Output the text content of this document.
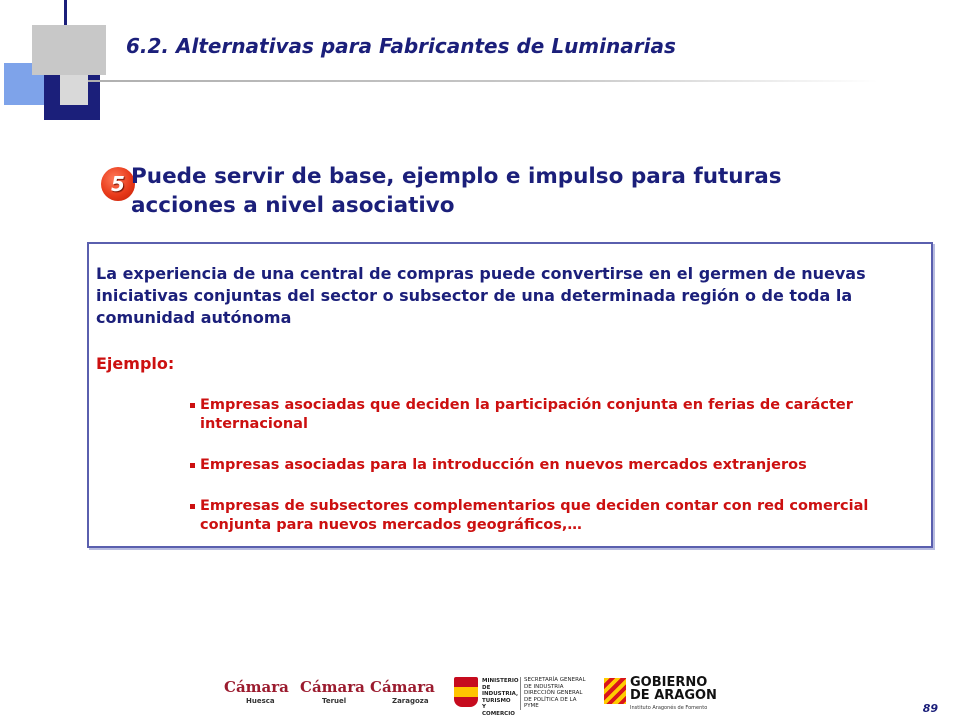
6.2. Alternativas para Fabricantes de Luminarias
5 Puede servir de base, ejemplo e impulso para futuras acciones a nivel asociativo
La experiencia de una central de compras puede convertirse en el germen de nuevas iniciativas conjuntas del sector o subsector de una determinada región o de toda la comunidad autónoma
Ejemplo:
Empresas asociadas que deciden la participación conjunta en ferias de carácter internacional
Empresas asociadas para la introducción en nuevos mercados extranjeros
Empresas de subsectores complementarios que deciden contar con red comercial conjunta para nuevos mercados geográficos,…
Cámara
Huesca
Cámara
Teruel
Cámara
Zaragoza
MINISTERIO DE INDUSTRIA, TURISMO Y COMERCIO
SECRETARÍA GENERAL DE INDUSTRIA DIRECCIÓN GENERAL DE POLÍTICA DE LA PYME
GOBIERNO
DE ARAGON
Instituto Aragonés de Fomento	89
